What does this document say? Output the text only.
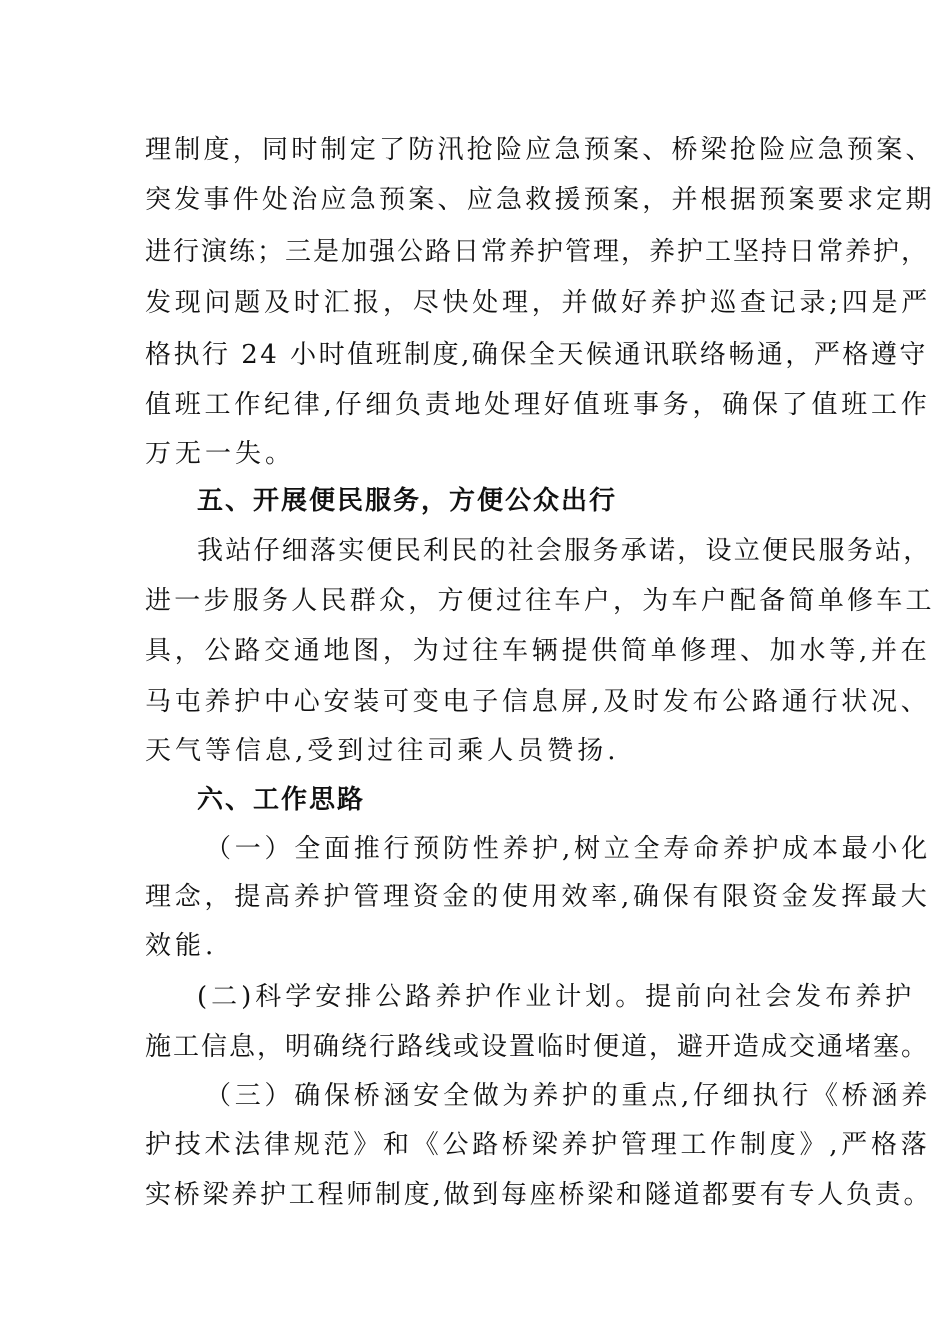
理制度，同时制定了防汛抢险应急预案、桥梁抢险应急预案、
突发事件处治应急预案、应急救援预案，并根据预案要求定期
进行演练；三是加强公路日常养护管理，养护工坚持日常养护，
发现问题及时汇报，尽快处理，并做好养护巡查记录;四是严
格执行 24 小时值班制度,确保全天候通讯联络畅通，严格遵守
值班工作纪律,仔细负责地处理好值班事务，确保了值班工作
万无一失。
五、开展便民服务，方便公众出行
我站仔细落实便民利民的社会服务承诺，设立便民服务站，
进一步服务人民群众，方便过往车户，为车户配备简单修车工
具，公路交通地图，为过往车辆提供简单修理、加水等,并在
马屯养护中心安装可变电子信息屏,及时发布公路通行状况、
天气等信息,受到过往司乘人员赞扬.
六、工作思路
（一）全面推行预防性养护,树立全寿命养护成本最小化
理念，提高养护管理资金的使用效率,确保有限资金发挥最大
效能.
(二)科学安排公路养护作业计划。提前向社会发布养护
施工信息，明确绕行路线或设置临时便道，避开造成交通堵塞。
（三）确保桥涵安全做为养护的重点,仔细执行《桥涵养
护技术法律规范》和《公路桥梁养护管理工作制度》,严格落
实桥梁养护工程师制度,做到每座桥梁和隧道都要有专人负责。
